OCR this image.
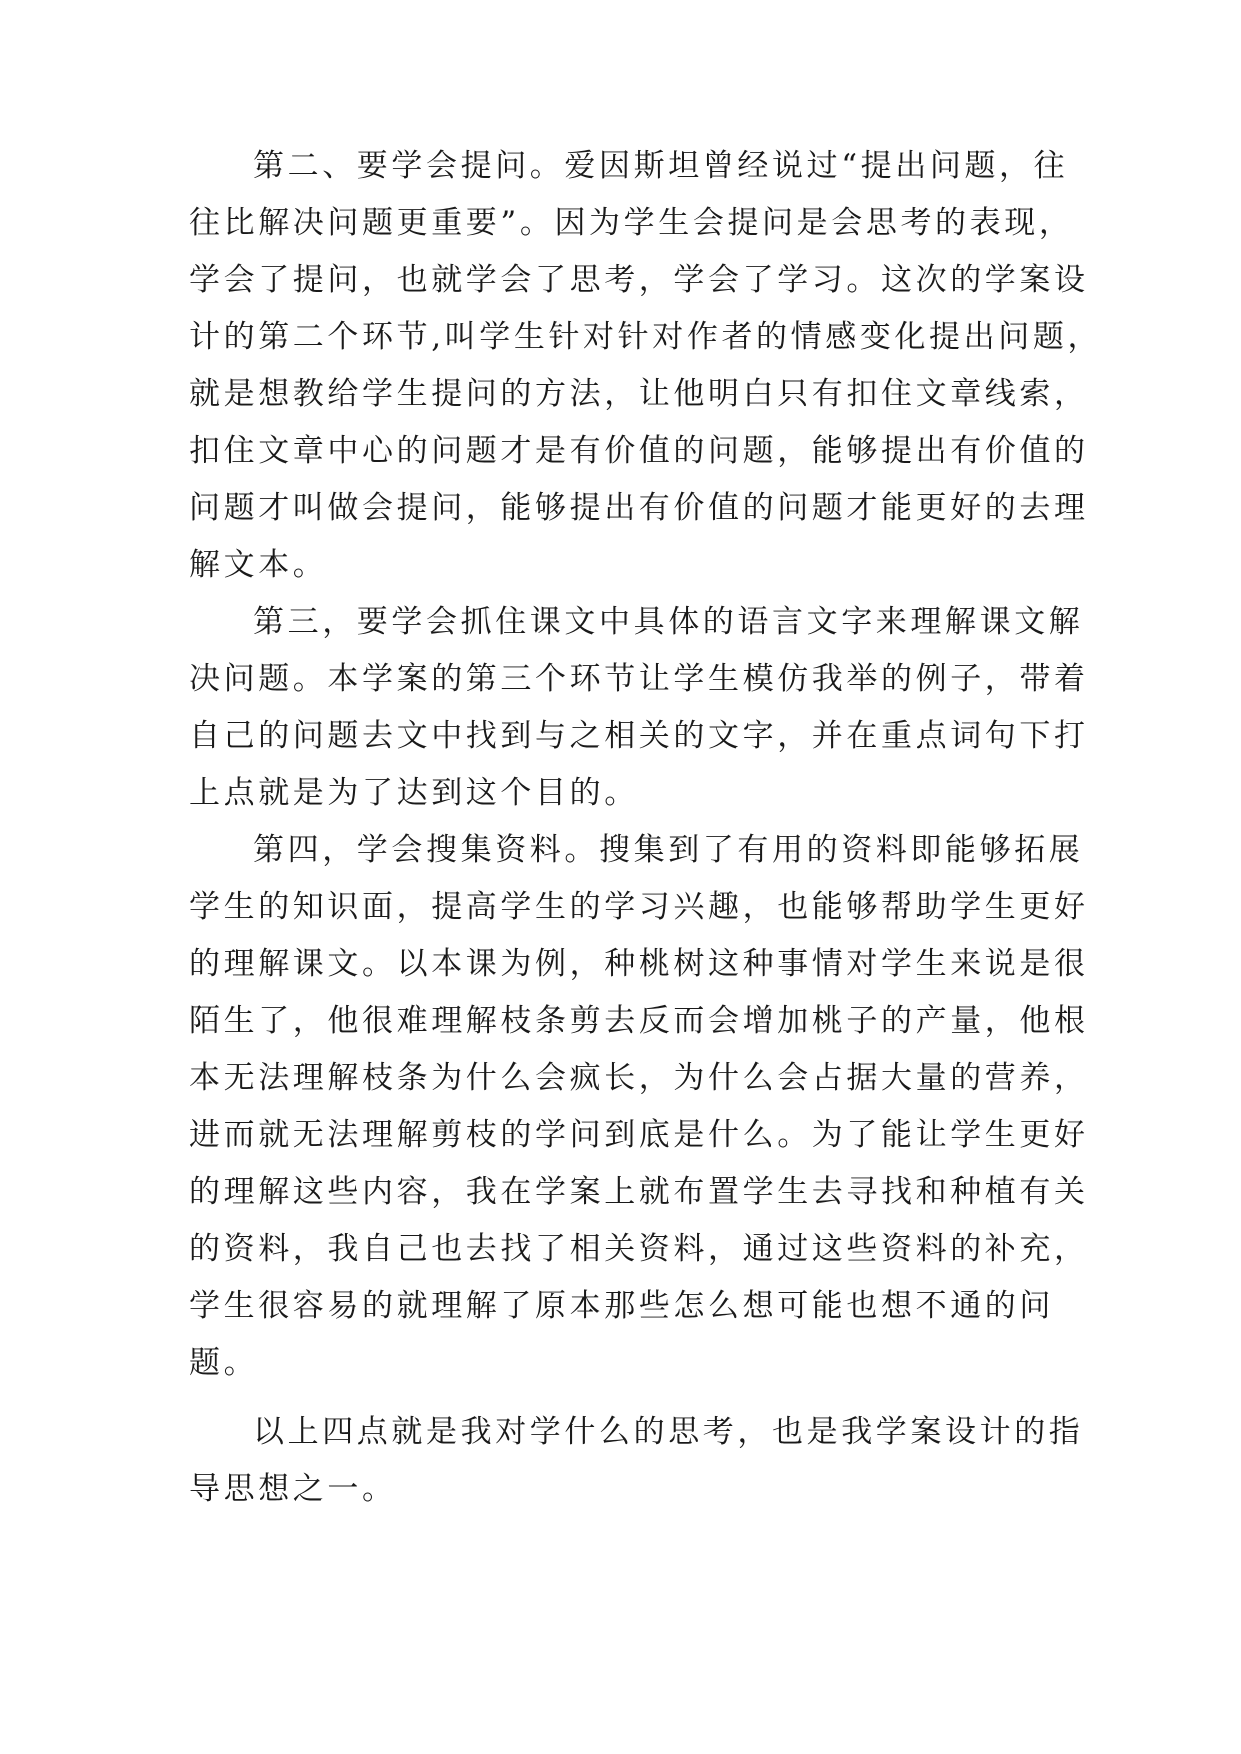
第二、要学会提问。爱因斯坦曾经说过“提出问题，往
往比解决问题更重要”。因为学生会提问是会思考的表现，
学会了提问，也就学会了思考，学会了学习。这次的学案设
计的第二个环节,叫学生针对针对作者的情感变化提出问题，
就是想教给学生提问的方法，让他明白只有扣住文章线索，
扣住文章中心的问题才是有价值的问题，能够提出有价值的
问题才叫做会提问，能够提出有价值的问题才能更好的去理
解文本。
第三，要学会抓住课文中具体的语言文字来理解课文解
决问题。本学案的第三个环节让学生模仿我举的例子，带着
自己的问题去文中找到与之相关的文字，并在重点词句下打
上点就是为了达到这个目的。
第四，学会搜集资料。搜集到了有用的资料即能够拓展
学生的知识面，提高学生的学习兴趣，也能够帮助学生更好
的理解课文。以本课为例，种桃树这种事情对学生来说是很
陌生了，他很难理解枝条剪去反而会增加桃子的产量，他根
本无法理解枝条为什么会疯长，为什么会占据大量的营养，
进而就无法理解剪枝的学问到底是什么。为了能让学生更好
的理解这些内容，我在学案上就布置学生去寻找和种植有关
的资料，我自己也去找了相关资料，通过这些资料的补充，
学生很容易的就理解了原本那些怎么想可能也想不通的问
题。
以上四点就是我对学什么的思考，也是我学案设计的指
导思想之一。
